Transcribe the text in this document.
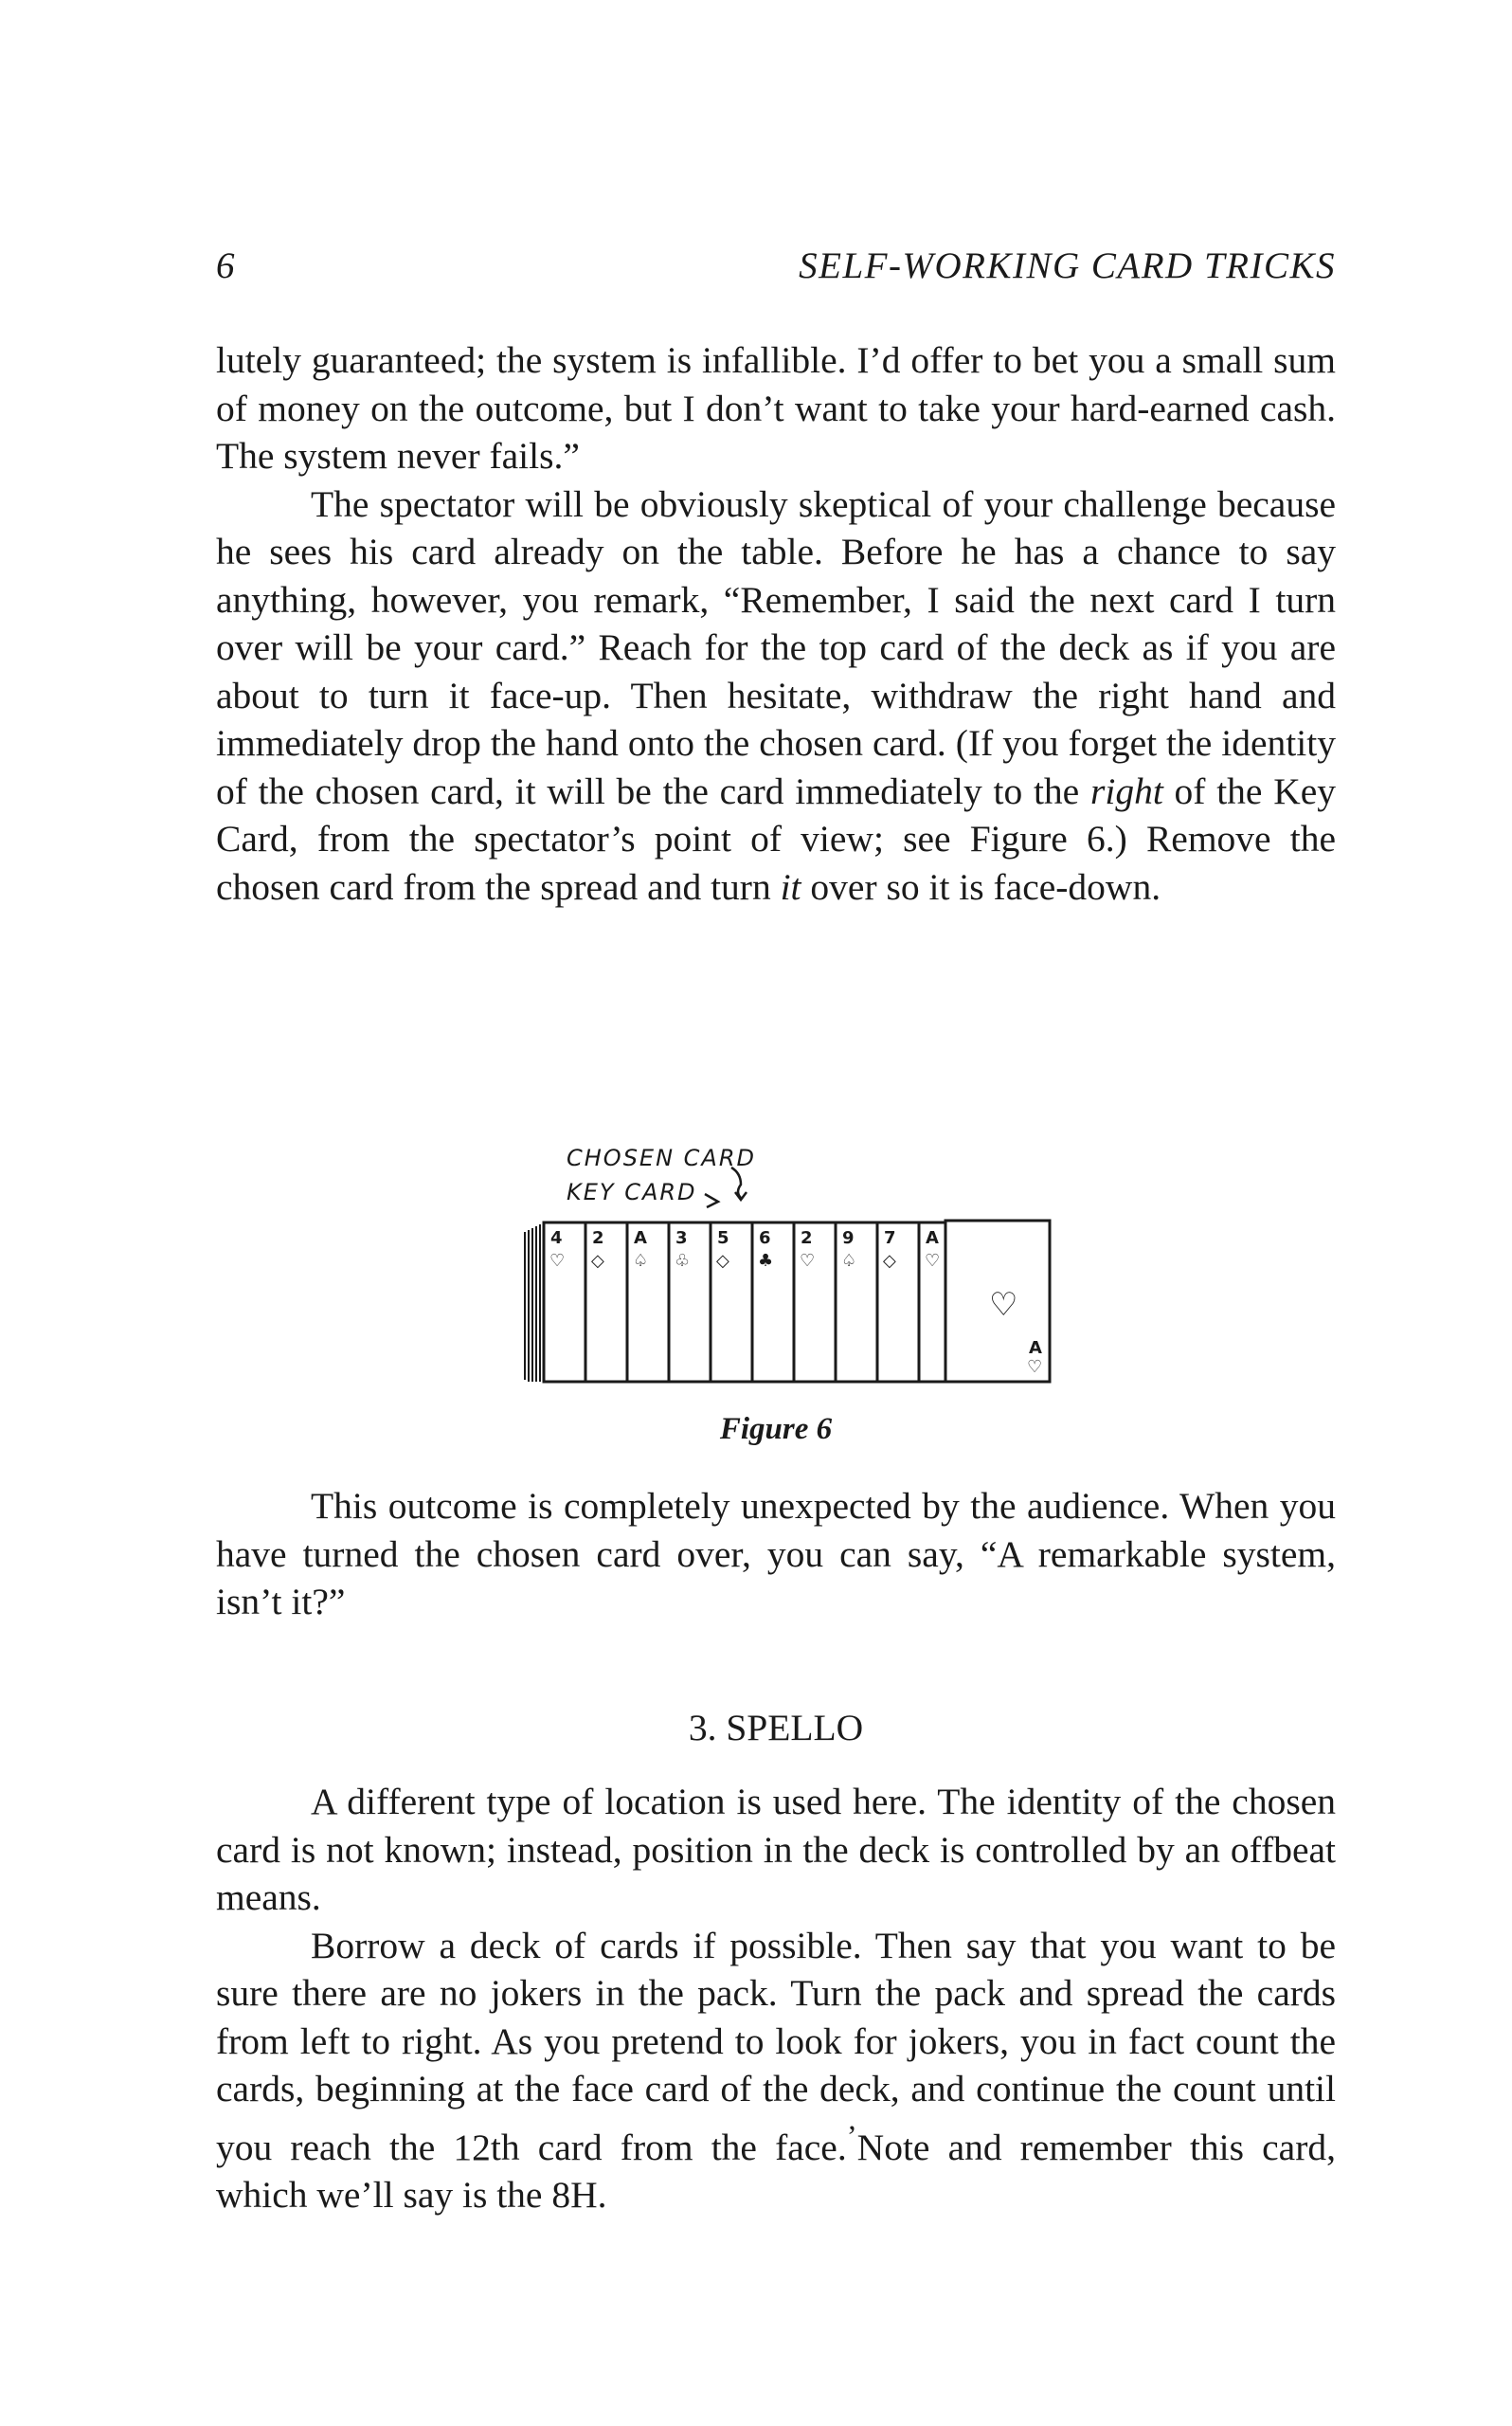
6	SELF-WORKING CARD TRICKS

lutely guaranteed; the system is infallible. I’d offer to bet you a small sum of money on the outcome, but I don’t want to take your hard-earned cash. The system never fails.”

The spectator will be obviously skeptical of your challenge because he sees his card already on the table. Before he has a chance to say anything, however, you remark, “Remember, I said the next card I turn over will be your card.” Reach for the top card of the deck as if you are about to turn it face-up. Then hesitate, withdraw the right hand and immediately drop the hand onto the chosen card. (If you forget the identity of the chosen card, it will be the card immediately to the right of the Key Card, from the spectator’s point of view; see Figure 6.) Remove the chosen card from the spread and turn it over so it is face-down.

CHOSEN CARD
KEY CARD
4
♡
2
◇
A
♤
3
♧
5
◇
6
♣
2
♡
9
♤
7
◇
A
♡
♡
A
♡
Figure 6

This outcome is completely unexpected by the audience. When you have turned the chosen card over, you can say, “A remarkable system, isn’t it?”

3. SPELLO

A different type of location is used here. The identity of the chosen card is not known; instead, position in the deck is controlled by an offbeat means.

Borrow a deck of cards if possible. Then say that you want to be sure there are no jokers in the pack. Turn the pack and spread the cards from left to right. As you pretend to look for jokers, you in fact count the cards, beginning at the face card of the deck, and continue the count until you reach the 12th card from the face.’Note and remember this card, which we’ll say is the 8H.
